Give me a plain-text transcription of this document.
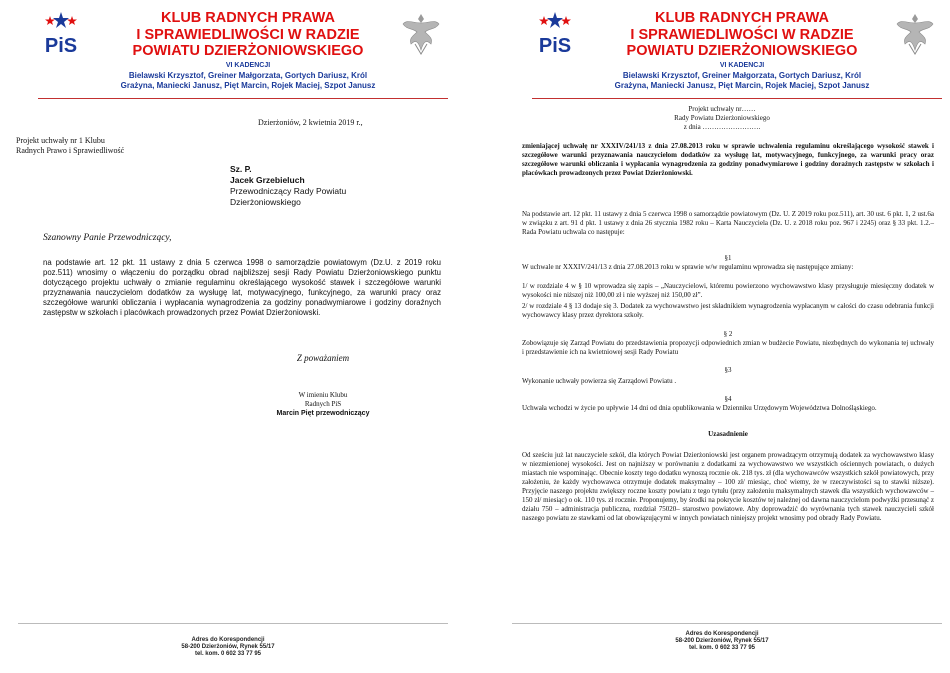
PiS
KLUB RADNYCH PRAWA
I SPRAWIEDLIWOŚCI W RADZIE
POWIATU DZIERŻONIOWSKIEGO
VI KADENCJI
Bielawski Krzysztof, Greiner Małgorzata, Gortych Dariusz, Król
Grażyna, Maniecki Janusz, Pięt Marcin, Rojek Maciej, Szpot Janusz
Dzierżoniów, 2 kwietnia 2019 r.,
Projekt uchwały nr 1 Klubu
Radnych Prawo i Sprawiedliwość
Sz. P.
Jacek Grzebieluch
Przewodniczący Rady Powiatu
Dzierżoniowskiego
Szanowny Panie Przewodniczący,
na podstawie art. 12 pkt. 11 ustawy z dnia 5 czerwca 1998 o samorządzie powiatowym (Dz.U. z 2019 roku poz.511) wnosimy o włączeniu do porządku obrad najbliższej sesji Rady Powiatu Dzierżoniowskiego punktu dotyczącego projektu uchwały o zmianie regulaminu określającego wysokość stawek i szczegółowe warunki przyznawania nauczycielom dodatków za wysługę lat, motywacyjnego, funkcyjnego, za warunki pracy oraz szczegółowe warunki obliczania i wypłacania wynagrodzenia za godziny ponadwymiarowe i godziny doraźnych zastępstw w szkołach i placówkach prowadzonych przez Powiat Dzierżoniowski.
Z poważaniem
W imieniu Klubu
Radnych PiS
Marcin Pięt przewodniczący
Adres do Korespondencji
58-200 Dzierżoniów, Rynek 55/17
tel. kom. 0 602 33 77 95
PiS
KLUB RADNYCH PRAWA
I SPRAWIEDLIWOŚCI W RADZIE
POWIATU DZIERŻONIOWSKIEGO
VI KADENCJI
Bielawski Krzysztof, Greiner Małgorzata, Gortych Dariusz, Król
Grażyna, Maniecki Janusz, Pięt Marcin, Rojek Maciej, Szpot Janusz
Projekt uchwały nr……
Rady Powiatu Dzierżoniowskiego
z dnia …………………….
zmieniającej uchwałę nr XXXIV/241/13 z dnia 27.08.2013 roku w sprawie uchwalenia regulaminu określającego wysokość stawek i szczegółowe warunki przyznawania nauczycielom dodatków za wysługę lat, motywacyjnego, funkcyjnego, za warunki pracy oraz szczegółowe warunki obliczania i wypłacania wynagrodzenia za godziny ponadwymiarowe i godziny doraźnych zastępstw w szkołach i placówkach prowadzonych przez Powiat Dzierżoniowski.
Na podstawie art. 12 pkt. 11 ustawy z dnia 5 czerwca 1998 o samorządzie powiatowym (Dz. U. Z 2019 roku poz.511), art. 30 ust. 6 pkt. 1, 2 ust.6a w związku z art. 91 d pkt. 1 ustawy z dnia 26 stycznia 1982 roku – Karta Nauczyciela (Dz. U. z 2018 roku poz. 967 i 2245) oraz § 33 pkt. 1.2.– Rada Powiatu uchwala co następuje:
§1
W uchwale nr XXXIV/241/13 z dnia 27.08.2013 roku w sprawie w/w regulaminu wprowadza się następujące zmiany:
1/ w rozdziale 4 w § 10 wprowadza się zapis – „Nauczycielowi, któremu powierzono wychowawstwo klasy przysługuje miesięczny dodatek w wysokości nie niższej niż 100,00 zł i nie wyższej niż 150,00 zł”.
2/ w rozdziale 4 § 13 dodaje się 3. Dodatek za wychowawstwo jest składnikiem wynagrodzenia wypłacanym w całości do czasu odebrania funkcji wychowawcy klasy przez dyrektora szkoły.
§ 2
Zobowiązuje się Zarząd Powiatu do przedstawienia propozycji odpowiednich zmian w budżecie Powiatu, niezbędnych do wykonania tej uchwały i przedstawienie ich na kwietniowej sesji Rady Powiatu
§3
Wykonanie uchwały powierza się Zarządowi Powiatu .
§4
Uchwała wchodzi w życie po upływie 14 dni od dnia opublikowania w Dzienniku Urzędowym Województwa Dolnośląskiego.
Uzasadnienie
Od sześciu już lat nauczyciele szkół, dla których Powiat Dzierżoniowski jest organem prowadzącym otrzymują dodatek za wychowawstwo klasy w niezmienionej wysokości. Jest on najniższy w porównaniu z dodatkami za wychowawstwo we wszystkich ościennych powiatach, o dużych miastach nie wspominając. Obecnie koszty tego dodatku wynoszą rocznie ok. 218 tys. zł (dla wychowawców wszystkich szkół powiatowych, przy założeniu, że każdy wychowawca otrzymuje dodatek maksymalny – 100 zł/ miesiąc, choć wiemy, że w rzeczywistości są to stawki niższe). Przyjęcie naszego projektu zwiększy roczne koszty powiatu z tego tytułu (przy założeniu maksymalnych stawek dla wszystkich wychowawców – 150 zł/ miesiąc) o ok. 110 tys. zł rocznie. Proponujemy, by środki na pokrycie kosztów tej należnej od dawna nauczycielom podwyżki przesunąć z działu 750 – administracja publiczna, rozdział 75020– starostwo powiatowe. Aby doprowadzić do wyrównania tych stawek nauczycieli szkół naszego powiatu ze stawkami od lat obowiązującymi w innych powiatach niniejszy projekt wnosimy pod obrady Rady Powiatu.
Adres do Korespondencji
58-200 Dzierżoniów, Rynek 55/17
tel. kom. 0 602 33 77 95
